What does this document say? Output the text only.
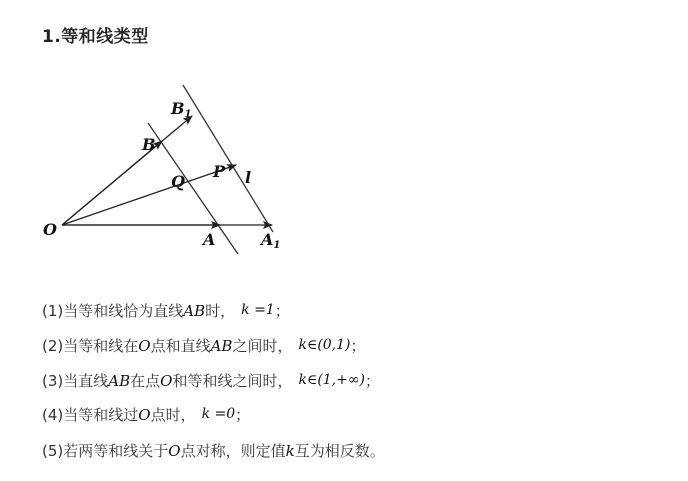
1.等和线类型
O
A	A1
B
B1
P
Q	l
(1)当等和线恰为直线AB时， k =1；
(2)当等和线在O点和直线AB之间时， k∈(0,1)；
(3)当直线AB在点O和等和线之间时， k∈(1,+∞)；
(4)当等和线过O点时， k =0；
(5)若两等和线关于O点对称，则定值k互为相反数。
